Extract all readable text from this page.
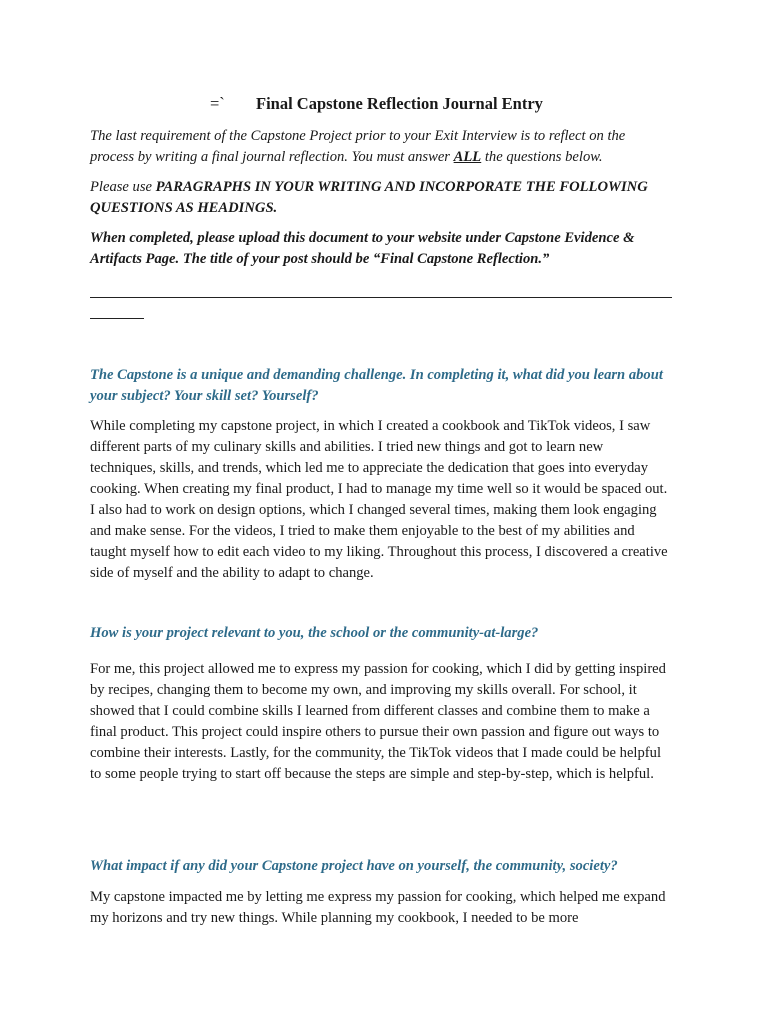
=` Final Capstone Reflection Journal Entry

The last requirement of the Capstone Project prior to your Exit Interview is to reflect on the process by writing a final journal reflection. You must answer ALL the questions below.

Please use PARAGRAPHS IN YOUR WRITING AND INCORPORATE THE FOLLOWING QUESTIONS AS HEADINGS.

When completed, please upload this document to your website under Capstone Evidence & Artifacts Page. The title of your post should be “Final Capstone Reflection.”

The Capstone is a unique and demanding challenge. In completing it, what did you learn about your subject? Your skill set? Yourself?

While completing my capstone project, in which I created a cookbook and TikTok videos, I saw different parts of my culinary skills and abilities. I tried new things and got to learn new techniques, skills, and trends, which led me to appreciate the dedication that goes into everyday cooking. When creating my final product, I had to manage my time well so it would be spaced out. I also had to work on design options, which I changed several times, making them look engaging and make sense. For the videos, I tried to make them enjoyable to the best of my abilities and taught myself how to edit each video to my liking. Throughout this process, I discovered a creative side of myself and the ability to adapt to change.

How is your project relevant to you, the school or the community-at-large?

For me, this project allowed me to express my passion for cooking, which I did by getting inspired by recipes, changing them to become my own, and improving my skills overall. For school, it showed that I could combine skills I learned from different classes and combine them to make a final product. This project could inspire others to pursue their own passion and figure out ways to combine their interests. Lastly, for the community, the TikTok videos that I made could be helpful to some people trying to start off because the steps are simple and step-by-step, which is helpful.

What impact if any did your Capstone project have on yourself, the community, society?

My capstone impacted me by letting me express my passion for cooking, which helped me expand my horizons and try new things. While planning my cookbook, I needed to be more
